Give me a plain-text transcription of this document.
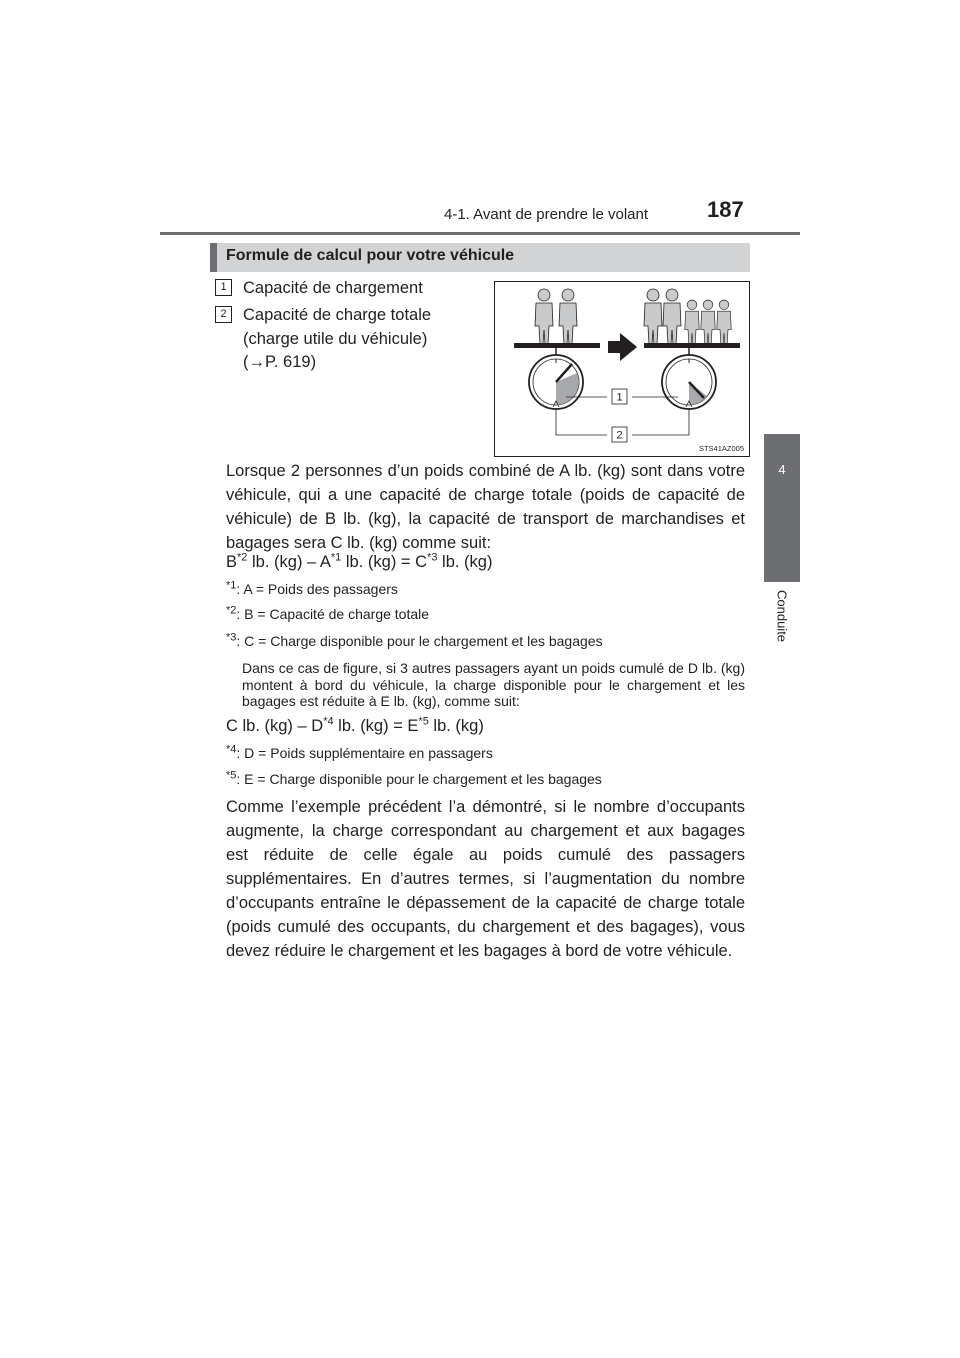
4-1. Avant de prendre le volant	187
4
Conduite
Formule de calcul pour votre véhicule
1 Capacité de chargement
2 Capacité de charge totale
(charge utile du véhicule)
(→P. 619)
1
2
STS41AZ005
Lorsque 2 personnes d’un poids combiné de A lb. (kg) sont dans votre véhicule, qui a une capacité de charge totale (poids de capacité de véhicule) de B lb. (kg), la capacité de transport de marchandises et bagages sera C lb. (kg) comme suit:
$B^{*2}$ lb. $(kg) - A^{*1}$ lb. $(kg) = C^{*3}$ lb. (kg)
$^{*1}$: A = Poids des passagers
$^{*2}$: B = Capacité de charge totale
$^{*3}$: C = Charge disponible pour le chargement et les bagages
Dans ce cas de figure, si 3 autres passagers ayant un poids cumulé de D lb. (kg) montent à bord du véhicule, la charge disponible pour le chargement et les bagages est réduite à E lb. (kg), comme suit:
C lb. $(kg) - D^{*4}$ lb. $(kg) = E^{*5}$ lb. (kg)
$^{*4}$: D = Poids supplémentaire en passagers
$^{*5}$: E = Charge disponible pour le chargement et les bagages
Comme l’exemple précédent l’a démontré, si le nombre d’occupants augmente, la charge correspondant au chargement et aux bagages est réduite de celle égale au poids cumulé des passagers supplémentaires. En d’autres termes, si l’augmentation du nombre d’occupants entraîne le dépassement de la capacité de charge totale (poids cumulé des occupants, du chargement et des bagages), vous devez réduire le chargement et les bagages à bord de votre véhicule.
